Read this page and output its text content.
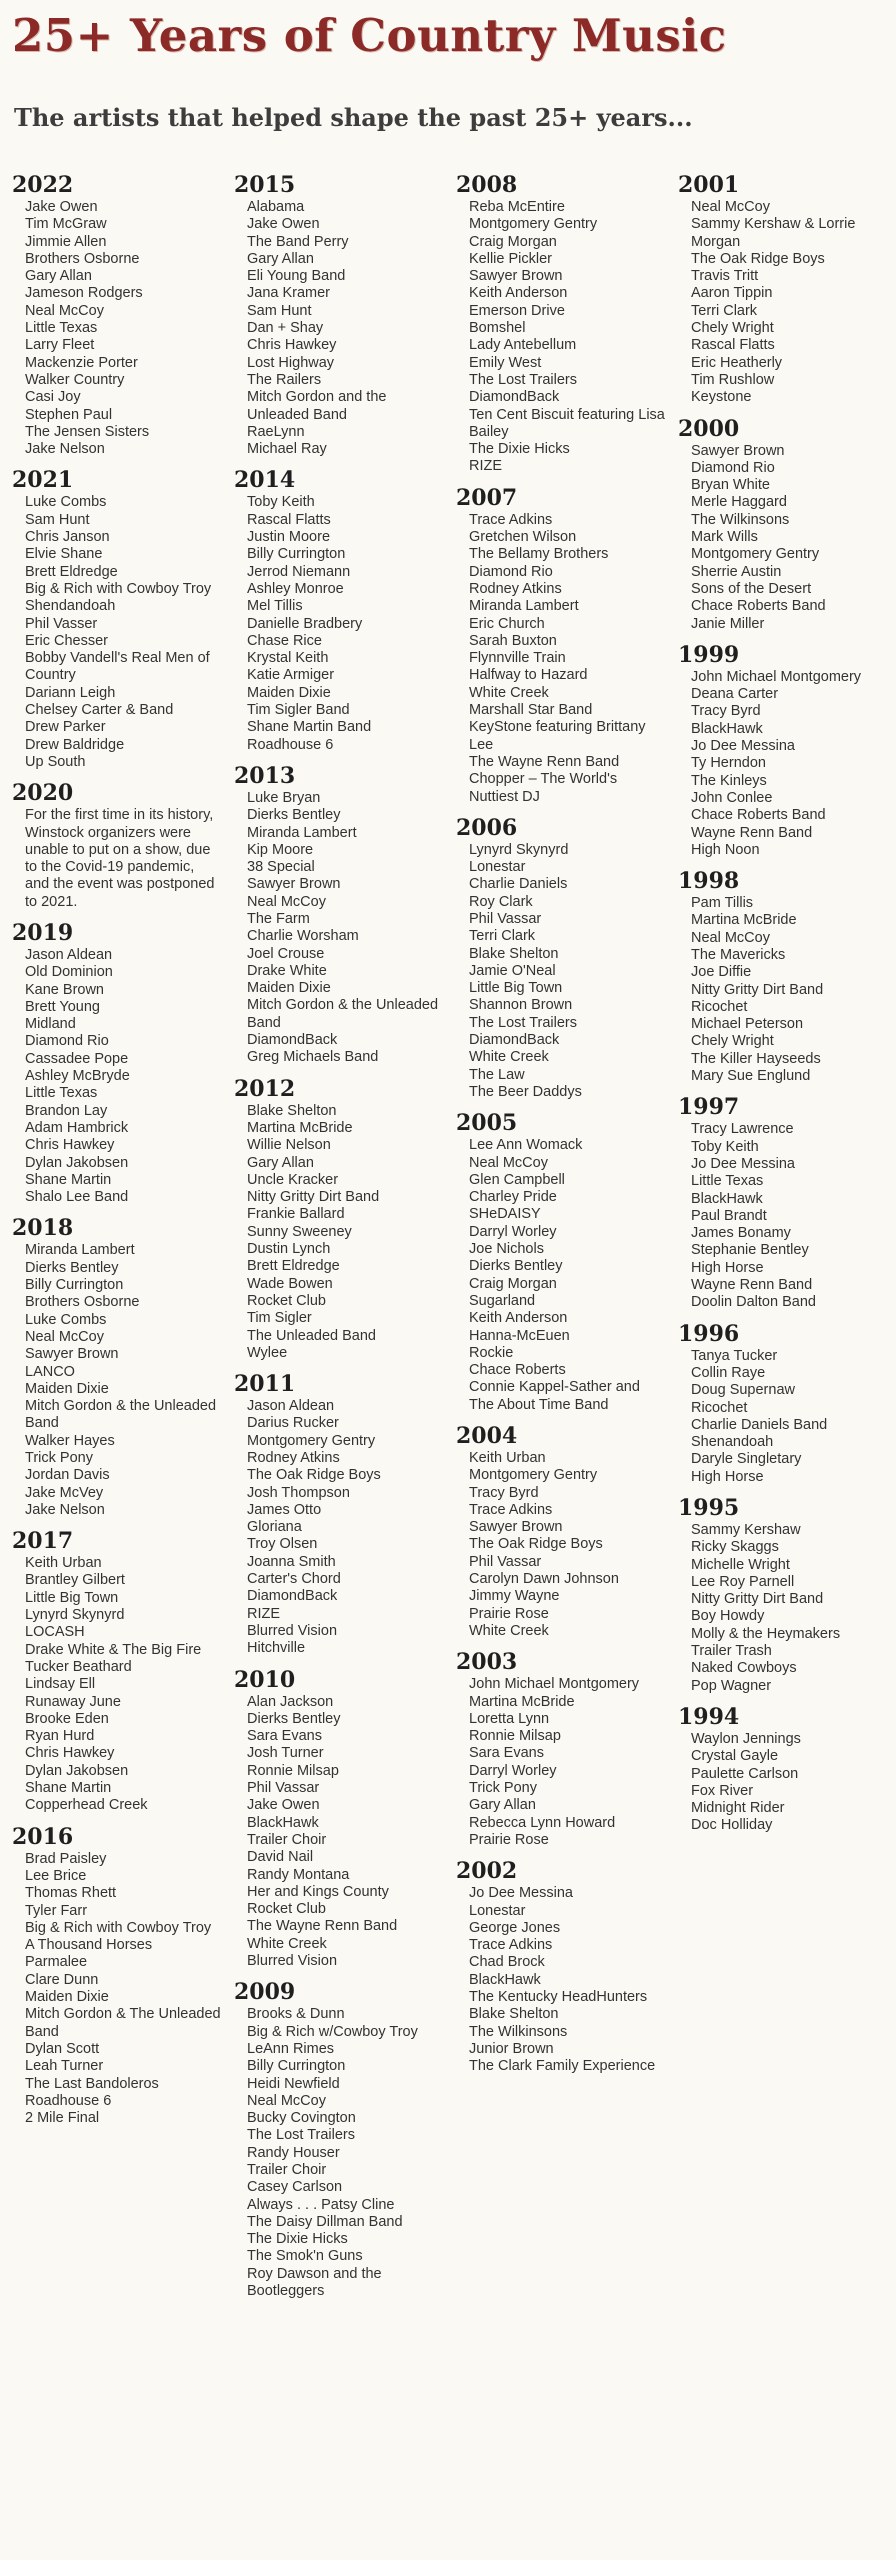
25+ Years of Country Music
The artists that helped shape the past 25+ years...
2022
Jake Owen
Tim McGraw
Jimmie Allen
Brothers Osborne
Gary Allan
Jameson Rodgers
Neal McCoy
Little Texas
Larry Fleet
Mackenzie Porter
Walker Country
Casi Joy
Stephen Paul
The Jensen Sisters
Jake Nelson
2021
Luke Combs
Sam Hunt
Chris Janson
Elvie Shane
Brett Eldredge
Big & Rich with Cowboy Troy
Shendandoah
Phil Vasser
Eric Chesser
Bobby Vandell's Real Men of Country
Dariann Leigh
Chelsey Carter & Band
Drew Parker
Drew Baldridge
Up South
2020
For the first time in its history, Winstock organizers were unable to put on a show, due to the Covid-19 pandemic, and the event was postponed to 2021.
2019
Jason Aldean
Old Dominion
Kane Brown
Brett Young
Midland
Diamond Rio
Cassadee Pope
Ashley McBryde
Little Texas
Brandon Lay
Adam Hambrick
Chris Hawkey
Dylan Jakobsen
Shane Martin
Shalo Lee Band
2018
Miranda Lambert
Dierks Bentley
Billy Currington
Brothers Osborne
Luke Combs
Neal McCoy
Sawyer Brown
LANCO
Maiden Dixie
Mitch Gordon & the Unleaded Band
Walker Hayes
Trick Pony
Jordan Davis
Jake McVey
Jake Nelson
2017
Keith Urban
Brantley Gilbert
Little Big Town
Lynyrd Skynyrd
LOCASH
Drake White & The Big Fire
Tucker Beathard
Lindsay Ell
Runaway June
Brooke Eden
Ryan Hurd
Chris Hawkey
Dylan Jakobsen
Shane Martin
Copperhead Creek
2016
Brad Paisley
Lee Brice
Thomas Rhett
Tyler Farr
Big & Rich with Cowboy Troy
A Thousand Horses
Parmalee
Clare Dunn
Maiden Dixie
Mitch Gordon & The Unleaded Band
Dylan Scott
Leah Turner
The Last Bandoleros
Roadhouse 6
2 Mile Final
2015
Alabama
Jake Owen
The Band Perry
Gary Allan
Eli Young Band
Jana Kramer
Sam Hunt
Dan + Shay
Chris Hawkey
Lost Highway
The Railers
Mitch Gordon and the Unleaded Band
RaeLynn
Michael Ray
2014
Toby Keith
Rascal Flatts
Justin Moore
Billy Currington
Jerrod Niemann
Ashley Monroe
Mel Tillis
Danielle Bradbery
Chase Rice
Krystal Keith
Katie Armiger
Maiden Dixie
Tim Sigler Band
Shane Martin Band
Roadhouse 6
2013
Luke Bryan
Dierks Bentley
Miranda Lambert
Kip Moore
38 Special
Sawyer Brown
Neal McCoy
The Farm
Charlie Worsham
Joel Crouse
Drake White
Maiden Dixie
Mitch Gordon & the Unleaded Band
DiamondBack
Greg Michaels Band
2012
Blake Shelton
Martina McBride
Willie Nelson
Gary Allan
Uncle Kracker
Nitty Gritty Dirt Band
Frankie Ballard
Sunny Sweeney
Dustin Lynch
Brett Eldredge
Wade Bowen
Rocket Club
Tim Sigler
The Unleaded Band
Wylee
2011
Jason Aldean
Darius Rucker
Montgomery Gentry
Rodney Atkins
The Oak Ridge Boys
Josh Thompson
James Otto
Gloriana
Troy Olsen
Joanna Smith
Carter's Chord
DiamondBack
RIZE
Blurred Vision
Hitchville
2010
Alan Jackson
Dierks Bentley
Sara Evans
Josh Turner
Ronnie Milsap
Phil Vassar
Jake Owen
BlackHawk
Trailer Choir
David Nail
Randy Montana
Her and Kings County
Rocket Club
The Wayne Renn Band
White Creek
Blurred Vision
2009
Brooks & Dunn
Big & Rich w/Cowboy Troy
LeAnn Rimes
Billy Currington
Heidi Newfield
Neal McCoy
Bucky Covington
The Lost Trailers
Randy Houser
Trailer Choir
Casey Carlson
Always . . . Patsy Cline
The Daisy Dillman Band
The Dixie Hicks
The Smok'n Guns
Roy Dawson and the Bootleggers
2008
Reba McEntire
Montgomery Gentry
Craig Morgan
Kellie Pickler
Sawyer Brown
Keith Anderson
Emerson Drive
Bomshel
Lady Antebellum
Emily West
The Lost Trailers
DiamondBack
Ten Cent Biscuit featuring Lisa Bailey
The Dixie Hicks
RIZE
2007
Trace Adkins
Gretchen Wilson
The Bellamy Brothers
Diamond Rio
Rodney Atkins
Miranda Lambert
Eric Church
Sarah Buxton
Flynnville Train
Halfway to Hazard
White Creek
Marshall Star Band
KeyStone featuring Brittany Lee
The Wayne Renn Band
Chopper – The World's Nuttiest DJ
2006
Lynyrd Skynyrd
Lonestar
Charlie Daniels
Roy Clark
Phil Vassar
Terri Clark
Blake Shelton
Jamie O'Neal
Little Big Town
Shannon Brown
The Lost Trailers
DiamondBack
White Creek
The Law
The Beer Daddys
2005
Lee Ann Womack
Neal McCoy
Glen Campbell
Charley Pride
SHeDAISY
Darryl Worley
Joe Nichols
Dierks Bentley
Craig Morgan
Sugarland
Keith Anderson
Hanna-McEuen
Rockie
Chace Roberts
Connie Kappel-Sather and
The About Time Band
2004
Keith Urban
Montgomery Gentry
Tracy Byrd
Trace Adkins
Sawyer Brown
The Oak Ridge Boys
Phil Vassar
Carolyn Dawn Johnson
Jimmy Wayne
Prairie Rose
White Creek
2003
John Michael Montgomery
Martina McBride
Loretta Lynn
Ronnie Milsap
Sara Evans
Darryl Worley
Trick Pony
Gary Allan
Rebecca Lynn Howard
Prairie Rose
2002
Jo Dee Messina
Lonestar
George Jones
Trace Adkins
Chad Brock
BlackHawk
The Kentucky HeadHunters
Blake Shelton
The Wilkinsons
Junior Brown
The Clark Family Experience
2001
Neal McCoy
Sammy Kershaw & Lorrie Morgan
The Oak Ridge Boys
Travis Tritt
Aaron Tippin
Terri Clark
Chely Wright
Rascal Flatts
Eric Heatherly
Tim Rushlow
Keystone
2000
Sawyer Brown
Diamond Rio
Bryan White
Merle Haggard
The Wilkinsons
Mark Wills
Montgomery Gentry
Sherrie Austin
Sons of the Desert
Chace Roberts Band
Janie Miller
1999
John Michael Montgomery
Deana Carter
Tracy Byrd
BlackHawk
Jo Dee Messina
Ty Herndon
The Kinleys
John Conlee
Chace Roberts Band
Wayne Renn Band
High Noon
1998
Pam Tillis
Martina McBride
Neal McCoy
The Mavericks
Joe Diffie
Nitty Gritty Dirt Band
Ricochet
Michael Peterson
Chely Wright
The Killer Hayseeds
Mary Sue Englund
1997
Tracy Lawrence
Toby Keith
Jo Dee Messina
Little Texas
BlackHawk
Paul Brandt
James Bonamy
Stephanie Bentley
High Horse
Wayne Renn Band
Doolin Dalton Band
1996
Tanya Tucker
Collin Raye
Doug Supernaw
Ricochet
Charlie Daniels Band
Shenandoah
Daryle Singletary
High Horse
1995
Sammy Kershaw
Ricky Skaggs
Michelle Wright
Lee Roy Parnell
Nitty Gritty Dirt Band
Boy Howdy
Molly & the Heymakers
Trailer Trash
Naked Cowboys
Pop Wagner
1994
Waylon Jennings
Crystal Gayle
Paulette Carlson
Fox River
Midnight Rider
Doc Holliday
